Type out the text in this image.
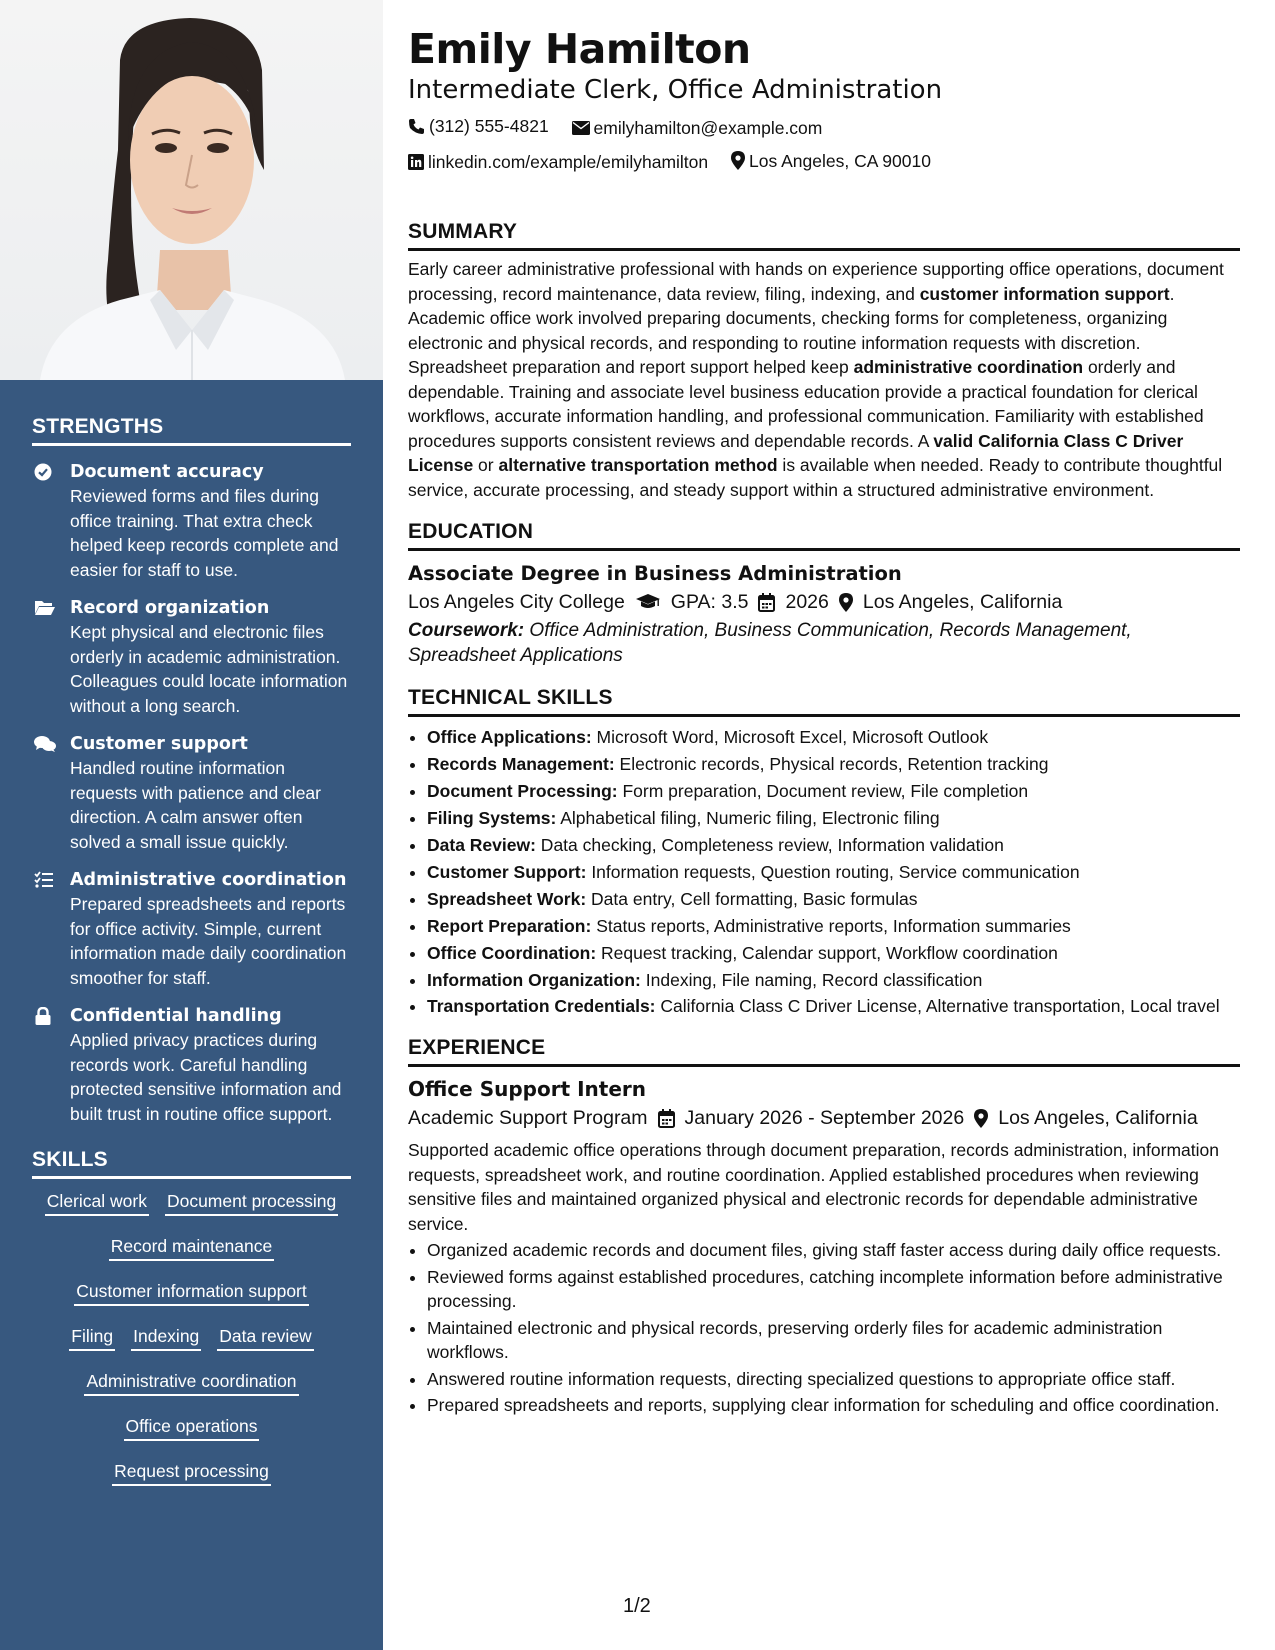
STRENGTHS
Document accuracy
Reviewed forms and files during office training. That extra check helped keep records complete and easier for staff to use.
Record organization
Kept physical and electronic files orderly in academic administration. Colleagues could locate information without a long search.
Customer support
Handled routine information requests with patience and clear direction. A calm answer often solved a small issue quickly.
Administrative coordination
Prepared spreadsheets and reports for office activity. Simple, current information made daily coordination smoother for staff.
Confidential handling
Applied privacy practices during records work. Careful handling protected sensitive information and built trust in routine office support.
SKILLS
Clerical work Document processing
Record maintenance
Customer information support
Filing Indexing Data review
Administrative coordination
Office operations
Request processing
Emily Hamilton
Intermediate Clerk, Office Administration
(312) 555-4821
	emilyhamilton@example.com
linkedin.com/example/emilyhamilton
Los Angeles, CA 90010
SUMMARY
Early career administrative professional with hands on experience supporting office operations, document processing, record maintenance, data review, filing, indexing, and customer information support. Academic office work involved preparing documents, checking forms for completeness, organizing electronic and physical records, and responding to routine information requests with discretion. Spreadsheet preparation and report support helped keep administrative coordination orderly and dependable. Training and associate level business education provide a practical foundation for clerical workflows, accurate information handling, and professional communication. Familiarity with established procedures supports consistent reviews and dependable records. A valid California Class C Driver License or alternative transportation method is available when needed. Ready to contribute thoughtful service, accurate processing, and steady support within a structured administrative environment.
EDUCATION
Associate Degree in Business Administration
Los Angeles City College GPA: 3.5 2026 Los Angeles, California
Coursework: Office Administration, Business Communication, Records Management, Spreadsheet Applications
TECHNICAL SKILLS
• Office Applications: Microsoft Word, Microsoft Excel, Microsoft Outlook
• Records Management: Electronic records, Physical records, Retention tracking
• Document Processing: Form preparation, Document review, File completion
• Filing Systems: Alphabetical filing, Numeric filing, Electronic filing
• Data Review: Data checking, Completeness review, Information validation
• Customer Support: Information requests, Question routing, Service communication
• Spreadsheet Work: Data entry, Cell formatting, Basic formulas
• Report Preparation: Status reports, Administrative reports, Information summaries
• Office Coordination: Request tracking, Calendar support, Workflow coordination
• Information Organization: Indexing, File naming, Record classification
• Transportation Credentials: California Class C Driver License, Alternative transportation, Local travel
EXPERIENCE
Office Support Intern
Academic Support Program January 2026 - September 2026 Los Angeles, California
Supported academic office operations through document preparation, records administration, information requests, spreadsheet work, and routine coordination. Applied established procedures when reviewing sensitive files and maintained organized physical and electronic records for dependable administrative service.
• Organized academic records and document files, giving staff faster access during daily office requests.
• Reviewed forms against established procedures, catching incomplete information before administrative processing.
• Maintained electronic and physical records, preserving orderly files for academic administration workflows.
• Answered routine information requests, directing specialized questions to appropriate office staff.
• Prepared spreadsheets and reports, supplying clear information for scheduling and office coordination.
1/2
